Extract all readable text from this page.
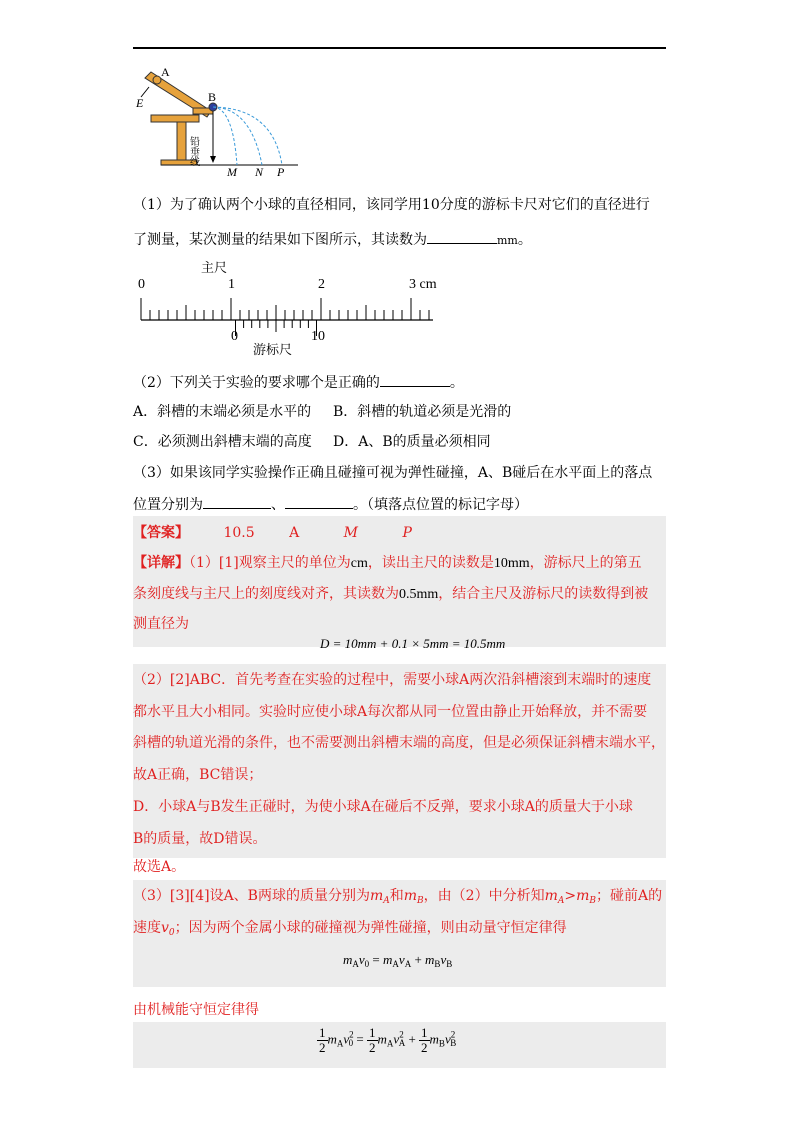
A
B
E
M N P
铅垂线
（1）为了确认两个小球的直径相同，该同学用10分度的游标卡尺对它们的直径进行
了测量，某次测量的结果如下图所示，其读数为	mm。
主尺
0	1	2	3 cm
0	10
游标尺
（2）下列关于实验的要求哪个是正确的	。
A．斜槽的末端必须是水平的 B．斜槽的轨道必须是光滑的
C．必须测出斜槽末端的高度 D．A、B的质量必须相同
（3）如果该同学实验操作正确且碰撞可视为弹性碰撞，A、B碰后在水平面上的落点
位置分别为	、	。（填落点位置的标记字母）
【答案】 10.5 A	M	P
【详解】（1）[1]观察主尺的单位为cm，读出主尺的读数是10mm，游标尺上的第五
条刻度线与主尺上的刻度线对齐，其读数为0.5mm，结合主尺及游标尺的读数得到被
测直径为
D = 10mm + 0.1 × 5mm = 10.5mm
（2）[2]ABC．首先考查在实验的过程中，需要小球A两次沿斜槽滚到末端时的速度
都水平且大小相同。实验时应使小球A每次都从同一位置由静止开始释放，并不需要
斜槽的轨道光滑的条件，也不需要测出斜槽末端的高度，但是必须保证斜槽末端水平，
故A正确，BC错误；
D．小球A与B发生正碰时，为使小球A在碰后不反弹，要求小球A的质量大于小球
B的质量，故D错误。
故选A。
（3）[3][4]设A、B两球的质量分别为$m_A$和$m_B$，由（2）中分析知$m_A>m_B$；碰前A的
速度$v_0$；因为两个金属小球的碰撞视为弹性碰撞，则由动量守恒定律得
$m_Av_0 = m_Av_A + m_Bv_B$
由机械能守恒定律得
$\frac{1}{2} m_Av^2_0 = \frac{1}{2} m_Av^2_A + \frac{1}{2} m_Bv^2_B$
